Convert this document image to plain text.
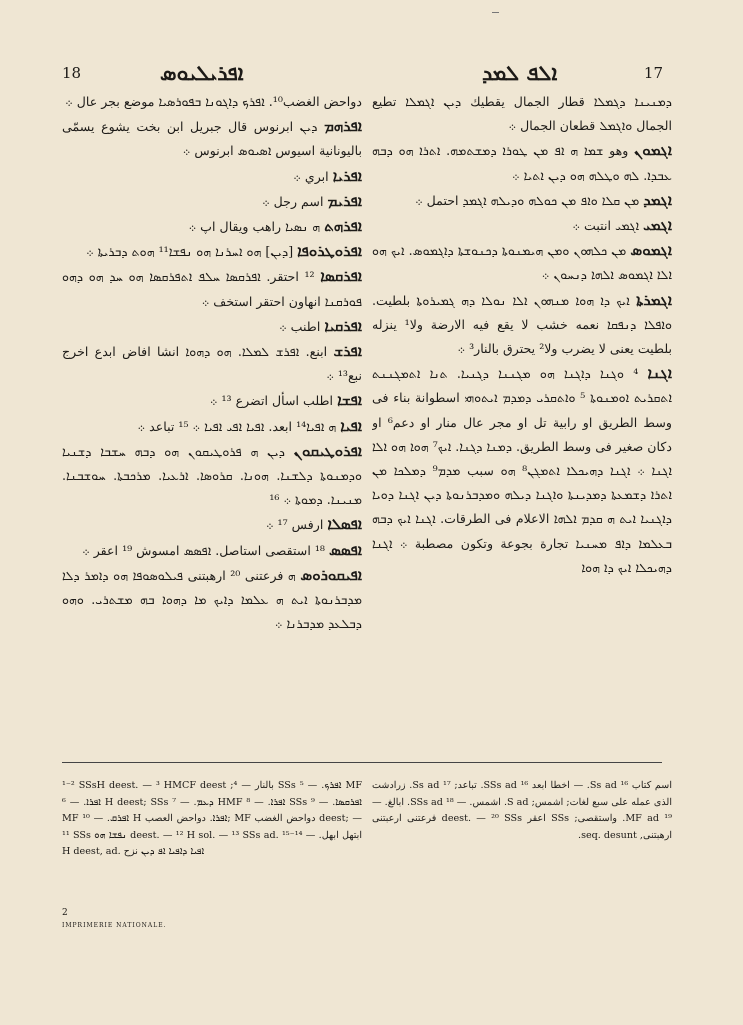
18	ܐܦܪܝܠܝܘܣ	ܐܠܦ ܠܡܕ	17

دواحض الغضب¹⁰. ܐܦܪܟ ܕܐܓܘܢܐ ܒܦܘܪܣܝܐ موضع بجر عال ܀

ܐܦܪܗܡ ܕܝܢ ابرنوس قال جبريل ابن بخت يشوع يسمّى باليونانية اسيوس ܐܣܝܘܣ ابرنوس ܀

ܐܦܪܝܐ ابري ܀

ܐܦܪܝܡ اسم رجل ܀

ܐܦܪܗܬ ܗ ܢܣܝܐ راهب ويقال اپ ܀

ܐܦܪܘܛܪܘܦܐ [ܕܝܢ] ܗܘ ܐܚܪܢܐ ܗܘ ܢܦܫܐ¹¹ ܗܘܬ ܕܒܪܝܬܐ ܀

ܐܦܪܩܣܐ ¹² احتقر. ܐܦܪܩܣܐ ܚܠܦ ܐܬܦܪܩܣܐ ܗܘ ܚܕ ܗܘ ܕܗܘ ܦܘܪܩܢܐ انهاون احتقر استخف ܀

ܐܦܪܩܝܐ اطنب ܀

ܐܦܪܫ ابنع. ܐܦܪܫ ܠܡܠܐ. ܗܘ ܕܗܘܐ انشا افاض ابدع اخرج نبع¹³ ܀

ܐܦܫܐ اطلب اسأل اتضرع ¹³ ܀

ܐܦܝܐ ܗ ܐܦܝܐ¹⁴ ابعد. ܐܦܝܐ ܐܦܝ ܐܦܝܐ ܀ ¹⁵ تباعد ܀

ܐܦܪܘܛܝܩܘܢ ܕܝܢ ܗ ܦܪܘܛܝܩܘܢ ܗܘ ܕܒܗ ܚܫܒܐ ܕܫܢܝܐ ܘܕܡܢܘܬܐ ܕܠܫܢܐ. ܗܘܢܐ. ܩܪܘܣܐ. ܐܪܥܝܐ. ܡܪܟܒܬܐ. ܚܘܫܒܢܐ. ܡܢܝܢܐ. ܕܡܘܬܐ ܀ ¹⁶

ܐܦܣܠܐ ارفس ¹⁷ ܀

ܐܦܣܣ ¹⁸ استقصى استاصل. ܐܦܣܣ امسوش ¹⁹ اعقر ܀

ܐܦܝܩܘܪܘܣ ܗ فرعتنى ²⁰ ارهبتنى ܦܝܠܘܣܘܦܐ ܗܘ ܕܐܡܪ ܕܠܐ ܡܕܒܪܢܘܬܐ ܐܝܬ ܗ ܥܠܡܐ ܕܐܝܟ ܡܐ ܕܗܘܐ ܒܗ ܡܫܬܪܝ. ܘܗܘ ܕܒܠܥܕ ܡܕܒܪܢܐ ܀

ܕܡܢܝܢܐ ܕܓܡܠܐ قطار الجمال يقطيك ܕܝܢ ܐܓܡܠܐ تطيع الجمال ܘܐܓܡܠ قطعان الجمال ܀

ܐܓܡܘܢ وهو ܫܡܐ ܗ ܐܦ ܡܢ ܛܘܪܐ ܕܡܫܬܡܗ. ܐܬܪܐ ܗܘ ܕܒܗ ܥܒܕܐ. ܠܗ ܘܛܠܗ ܗܘ ܕܝܢ ܐܬܝܐ ܀

ܐܓܡܕ ܡܢ ܩܠܐ ܘܐܦ ܡܢ ܟܘܠܗ ܘܕܝܠܗ ܐܓܡܕ احتمل ܀

ܐܓܡܝ ܐܓܡܝ انتبت ܀

ܐܓܡܘܣ ܡܢ ܟܠܗܘܢ ܘܡܢ ܗܝܡܢܘܬܐ ܕܟܢܘܫܬܐ ܕܐܓܡܘܣ. ܐܝܟ ܗܘ ܐܠܐ ܐܓܡܘܣ ܐܠܗܐ ܕܢܚܘܢ ܀

ܐܓܡܪܬܐ ܐܝܟ ܕܐ ܗܘܐ ܡܢܗܘܢ ܐܠܐ ܢܘܠܐ ܕܗ ܓܡܝܪܘܬܐ بلطيت. ܘܐܦܠܐ ܕܢܦܩܐ نعمه خشب لا يقع فيه الارضة ولا¹ ينزله بلطيت يعنى لا يضرب ولا² يحترق بالنار³ ܀

ܐܓܢܐ ⁴ ܘܓܢܐ ܕܐܓܢܐ ܗܘ ܡܓܢܢܐ ܕܓܢܝܐ. ܬܢܐ ܐܬܡܓܢܢܬ ܐܬܩܪܝܬ ܐܘܡܢܘܬܐ ⁵ ܘܐܬܩܪܝ ܕܡܕܡ ܐܝܬܘܗܝ اسطوانة بناء فى وسط الطريق او رابية تل او مجر عال منار او دعم⁶ او دكان صغير فى وسط الطريق. ܕܡܢܐ ܕܓܢܐ. ܐܝܟ⁷ ܗܘܐ ܗܘ ܐܠܐ ܐܓܢܐ ܀ ܐܓܢܐ ܕܗܝܟܠܐ ܐܬܡܓܢ⁸ ܗܘ سبب ܡܕܡ⁹ ܕܡܠܟܐ ܡܢ ܐܬܪܐ ܕܫܡܥܬܐ ܕܡܕܝܢܬܐ ܘܐܓܢܐ ܕܝܠܗ ܘܡܕܒܪܢܘܬܐ ܕܝܢ ܐܓܢܐ ܕܘܝܐ ܕܐܓܢܝܐ ܐܝܬ ܗ ܩܕܡ ܐܠܗܐ الاعلام فى الطرقات. ܐܓܢܐ ܐܝܟ ܕܒܗ ܒܥܠܡܐ ܕܐܦ ܡܚܢܝܐ تجارة بجوعة وتكون مصطبة ܀ ܐܓܢܐ ܕܗܝܟܠܐ ܐܝܟ ܕܐ ܗܘܐ

¹⁻² SSsH deest. — ³ HMCF deest ;بالنار — ⁴ SSs ܐܦܪܟ. — ⁵ MF ܐܦܪܐ. — ⁶ H deest; SSs ܕܥܡ. — ⁷ HMF ܐܦܪܐ. — ⁸ SSs ܐܦܪܩܣܐ. — ⁹ MF ܐܦܪܩ. — ¹⁰ H ܐܦܪܐ. دواحض العصب; MF دواحض الغضب deest; — ¹¹ SSs ܢܦܫܐ ܗܘ deest. — ¹² H sol. — ¹³ SSs ad. ابتهل ابهل. — ¹⁴⁻¹⁵ H deest, ad. ܐܦܝܐ ܕܐܦܝܐ ܐܦ ܕܝܢ نزح

اسم كتاب ¹⁶ Ss ad. — اخطا ابعد ¹⁶ SSs ad. تباعد; ¹⁷ Ss ad. زرادشت الذى عمله على سبع لغات; اشمس; S ad. اشمس. — ¹⁸ SSs ad. ابالغ. — ¹⁹ MF ad. واستقصى; SSs اعقر deest. — ²⁰ SSs فرعتنى ارعبتنى ارهبتنى, seq. desunt.

2
IMPRIMERIE NATIONALE.
